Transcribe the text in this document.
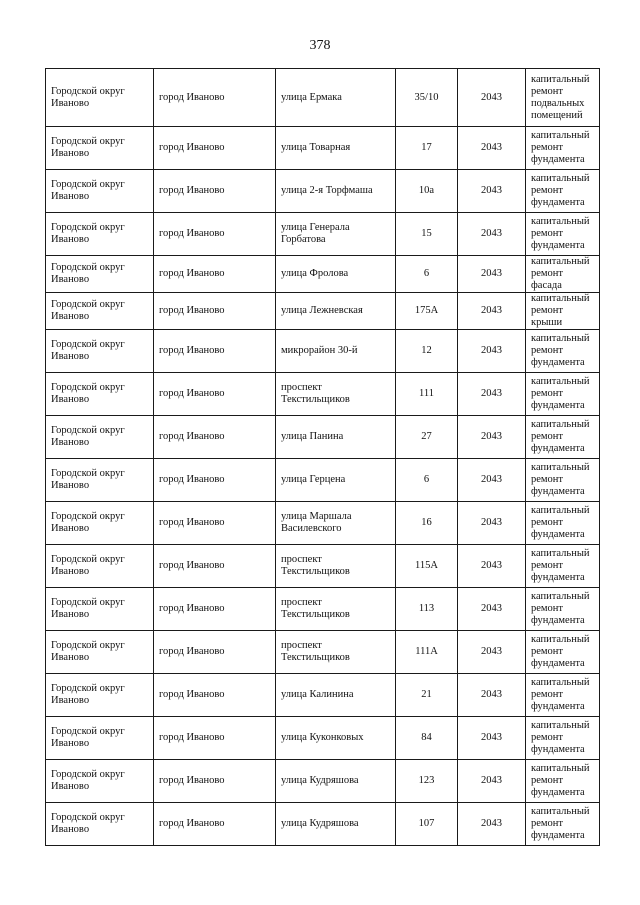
378
Городской округ Иваново	город Иваново	улица Ермака	35/10	2043	капитальный ремонт подвальных помещений
Городской округ Иваново	город Иваново	улица Товарная	17	2043	капитальный ремонт фундамента
Городской округ Иваново	город Иваново	улица 2-я Торфмаша	10а	2043	капитальный ремонт фундамента
Городской округ Иваново	город Иваново	улица Генерала Горбатова	15	2043	капитальный ремонт фундамента
Городской округ Иваново	город Иваново	улица Фролова	6	2043	капитальный ремонт фасада
Городской округ Иваново	город Иваново	улица Лежневская	175А	2043	капитальный ремонт крыши
Городской округ Иваново	город Иваново	микрорайон 30-й	12	2043	капитальный ремонт фундамента
Городской округ Иваново	город Иваново	проспект Текстильщиков	111	2043	капитальный ремонт фундамента
Городской округ Иваново	город Иваново	улица Панина	27	2043	капитальный ремонт фундамента
Городской округ Иваново	город Иваново	улица Герцена	6	2043	капитальный ремонт фундамента
Городской округ Иваново	город Иваново	улица Маршала Василевского	16	2043	капитальный ремонт фундамента
Городской округ Иваново	город Иваново	проспект Текстильщиков	115А	2043	капитальный ремонт фундамента
Городской округ Иваново	город Иваново	проспект Текстильщиков	113	2043	капитальный ремонт фундамента
Городской округ Иваново	город Иваново	проспект Текстильщиков	111А	2043	капитальный ремонт фундамента
Городской округ Иваново	город Иваново	улица Калинина	21	2043	капитальный ремонт фундамента
Городской округ Иваново	город Иваново	улица Куконковых	84	2043	капитальный ремонт фундамента
Городской округ Иваново	город Иваново	улица Кудряшова	123	2043	капитальный ремонт фундамента
Городской округ Иваново	город Иваново	улица Кудряшова	107	2043	капитальный ремонт фундамента
